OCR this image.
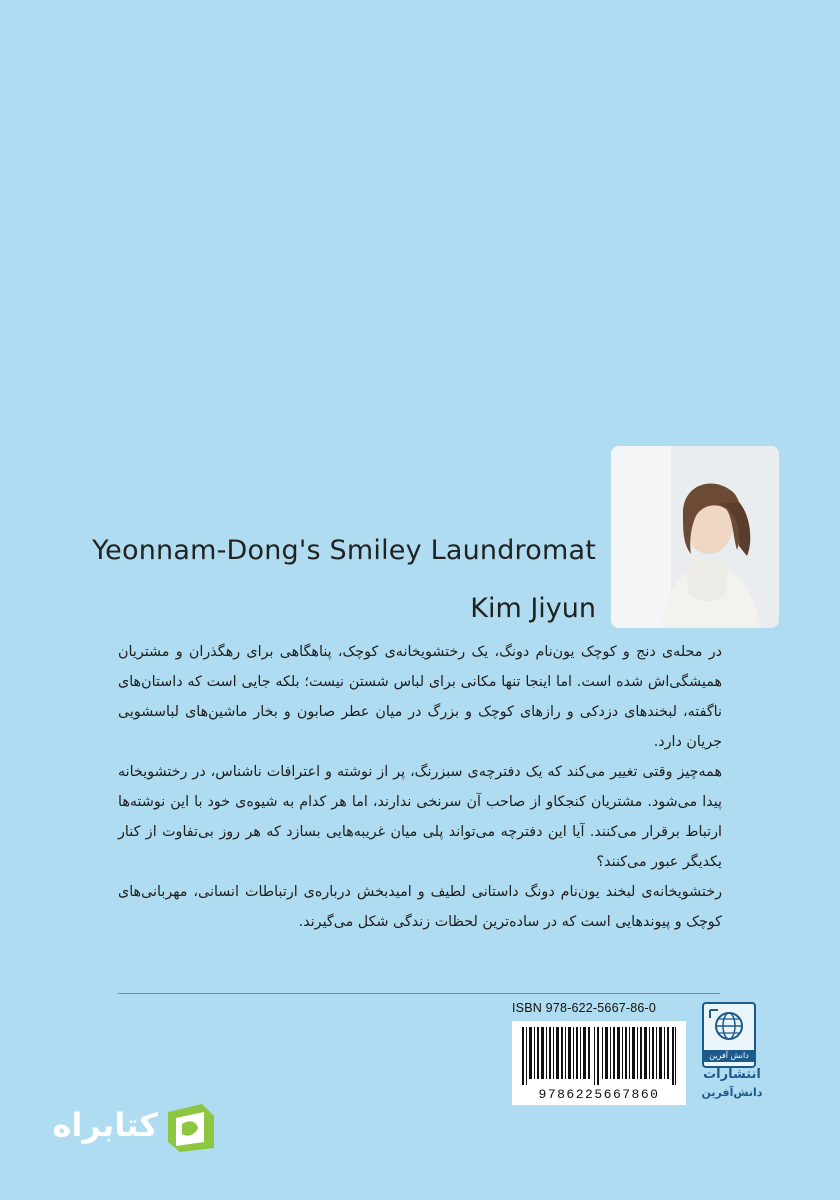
Yeonnam-Dong's Smiley Laundromat
Kim Jiyun

در محله‌ی دنج و کوچک یون‌نام دونگ، یک رختشویخانه‌ی کوچک، پناهگاهی برای رهگذران و مشتریان همیشگی‌اش شده است. اما اینجا تنها مکانی برای لباس شستن نیست؛ بلکه جایی است که داستان‌های ناگفته، لبخندهای دزدکی و رازهای کوچک و بزرگ در میان عطر صابون و بخار ماشین‌های لباسشویی جریان دارد.

همه‌چیز وقتی تغییر می‌کند که یک دفترچه‌ی سبزرنگ، پر از نوشته و اعترافات ناشناس، در رختشویخانه پیدا می‌شود. مشتریان کنجکاو از صاحب آن سرنخی ندارند، اما هر کدام به شیوه‌ی خود با این نوشته‌ها ارتباط برقرار می‌کنند. آیا این دفترچه می‌تواند پلی میان غریبه‌هایی بسازد که هر روز بی‌تفاوت از کنار یکدیگر عبور می‌کنند؟

رختشویخانه‌ی لبخند یون‌نام دونگ داستانی لطیف و امیدبخش درباره‌ی ارتباطات انسانی، مهربانی‌های کوچک و پیوندهایی است که در ساده‌ترین لحظات زندگی شکل می‌گیرند.

ISBN 978-622-5667-86-0
9786225667860
دانش آفرین
انتشارات
دانش‌آفرین
کتابراه
